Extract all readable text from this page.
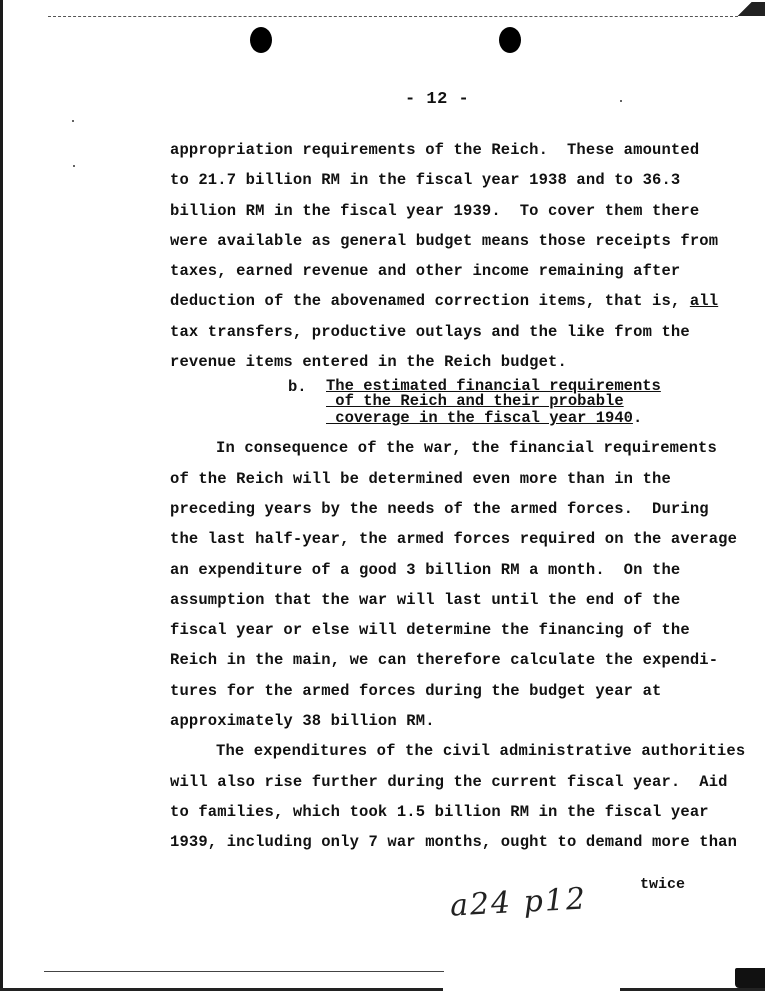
- 12 -
appropriation requirements of the Reich.  These amounted
to 21.7 billion RM in the fiscal year 1938 and to 36.3
billion RM in the fiscal year 1939.  To cover them there
were available as general budget means those receipts from
taxes, earned revenue and other income remaining after
deduction of the abovenamed correction items, that is, all
tax transfers, productive outlays and the like from the
revenue items entered in the Reich budget.
b.	The estimated financial requirements
of the Reich and their probable
coverage in the fiscal year 1940.
In consequence of the war, the financial requirements
of the Reich will be determined even more than in the
preceding years by the needs of the armed forces.  During
the last half-year, the armed forces required on the average
an expenditure of a good 3 billion RM a month.  On the
assumption that the war will last until the end of the
fiscal year or else will determine the financing of the
Reich in the main, we can therefore calculate the expendi-
tures for the armed forces during the budget year at
approximately 38 billion RM.
The expenditures of the civil administrative authorities
will also rise further during the current fiscal year.  Aid
to families, which took 1.5 billion RM in the fiscal year
1939, including only 7 war months, ought to demand more than
twice
a24 p12
